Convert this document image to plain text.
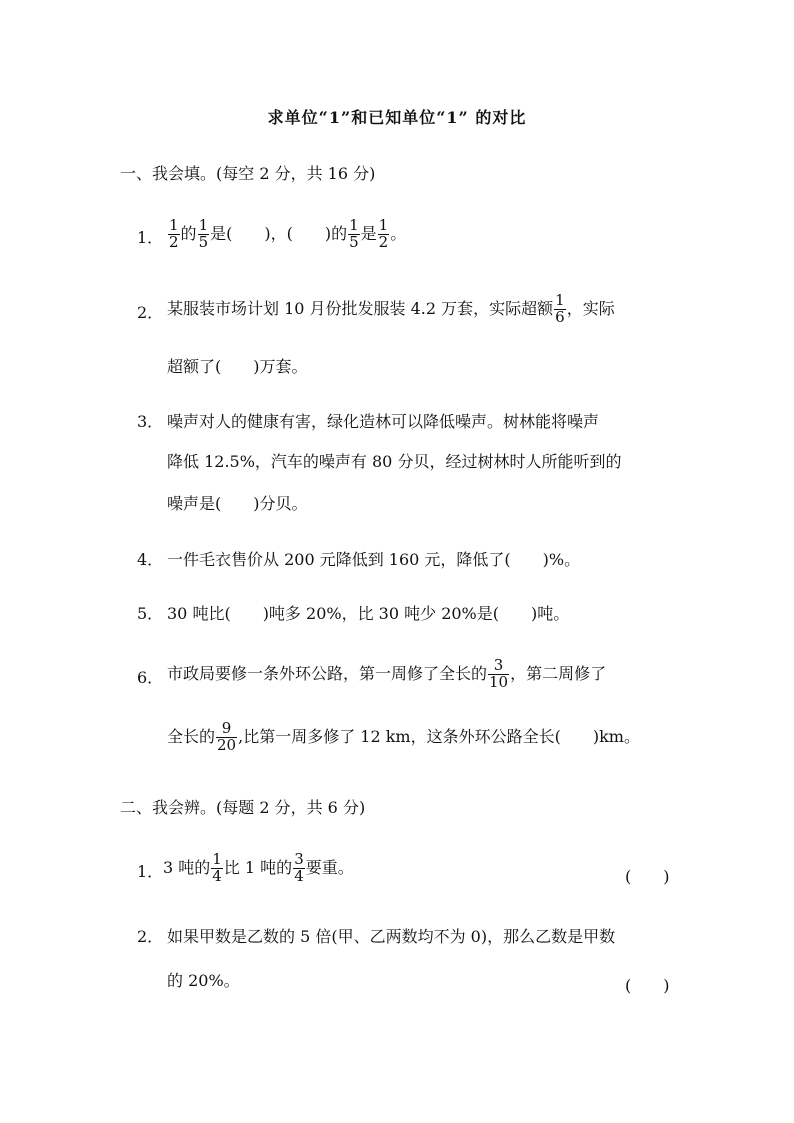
求单位“1”和已知单位“1” 的对比
一、我会填。(每空 2 分，共 16 分)
1． $\frac{1}{2}$ 的 $\frac{1}{5}$ 是(　　)，(　　)的 $\frac{1}{5}$ 是 $\frac{1}{2}$ 。
2． 某服装市场计划 10 月份批发服装 4.2 万套，实际超额 $\frac{1}{6}$ ，实际
超额了(　　)万套。
3． 噪声对人的健康有害，绿化造林可以降低噪声。树林能将噪声
降低 12.5%，汽车的噪声有 80 分贝，经过树林时人所能听到的
噪声是(　　)分贝。
4． 一件毛衣售价从 200 元降低到 160 元，降低了(　　)%。
5． 30 吨比(　　)吨多 20%，比 30 吨少 20%是(　　)吨。
6． 市政局要修一条外环公路，第一周修了全长的 $\frac{3}{10}$ ，第二周修了
全长的 $\frac{9}{20}$ ,比第一周多修了 12 km，这条外环公路全长(　　)km。
二、我会辨。(每题 2 分，共 6 分)
1． 3 吨的 $\frac{1}{4}$ 比 1 吨的 $\frac{3}{4}$ 要重。	(　　)
2． 如果甲数是乙数的 5 倍(甲、乙两数均不为 0)，那么乙数是甲数
的 20%。	(　　)
